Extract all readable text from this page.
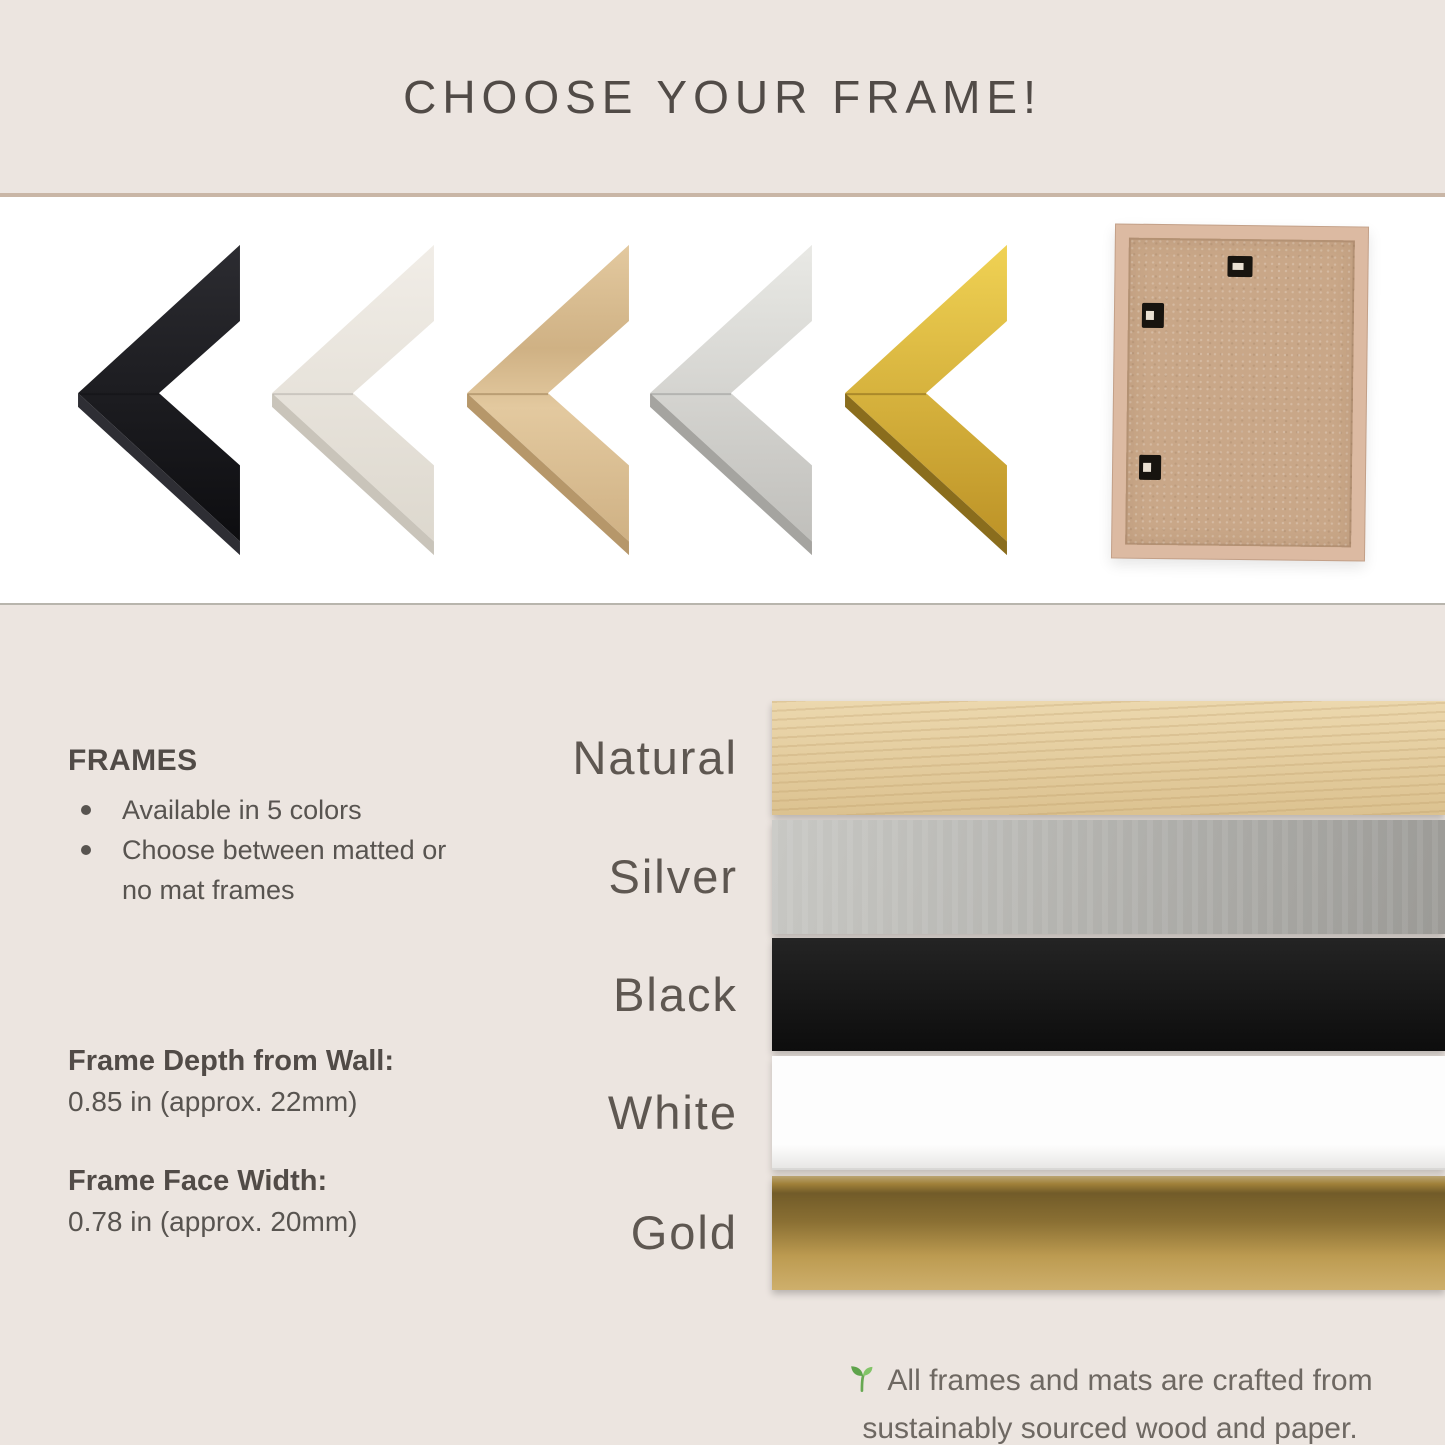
CHOOSE YOUR FRAME!
FRAMES
Available in 5 colors
Choose between matted or no mat frames
Frame Depth from Wall:
0.85 in (approx. 22mm)
Frame Face Width:
0.78 in (approx. 20mm)
Natural
Silver
Black
White
Gold

All frames and mats are crafted from sustainably sourced wood and paper.
